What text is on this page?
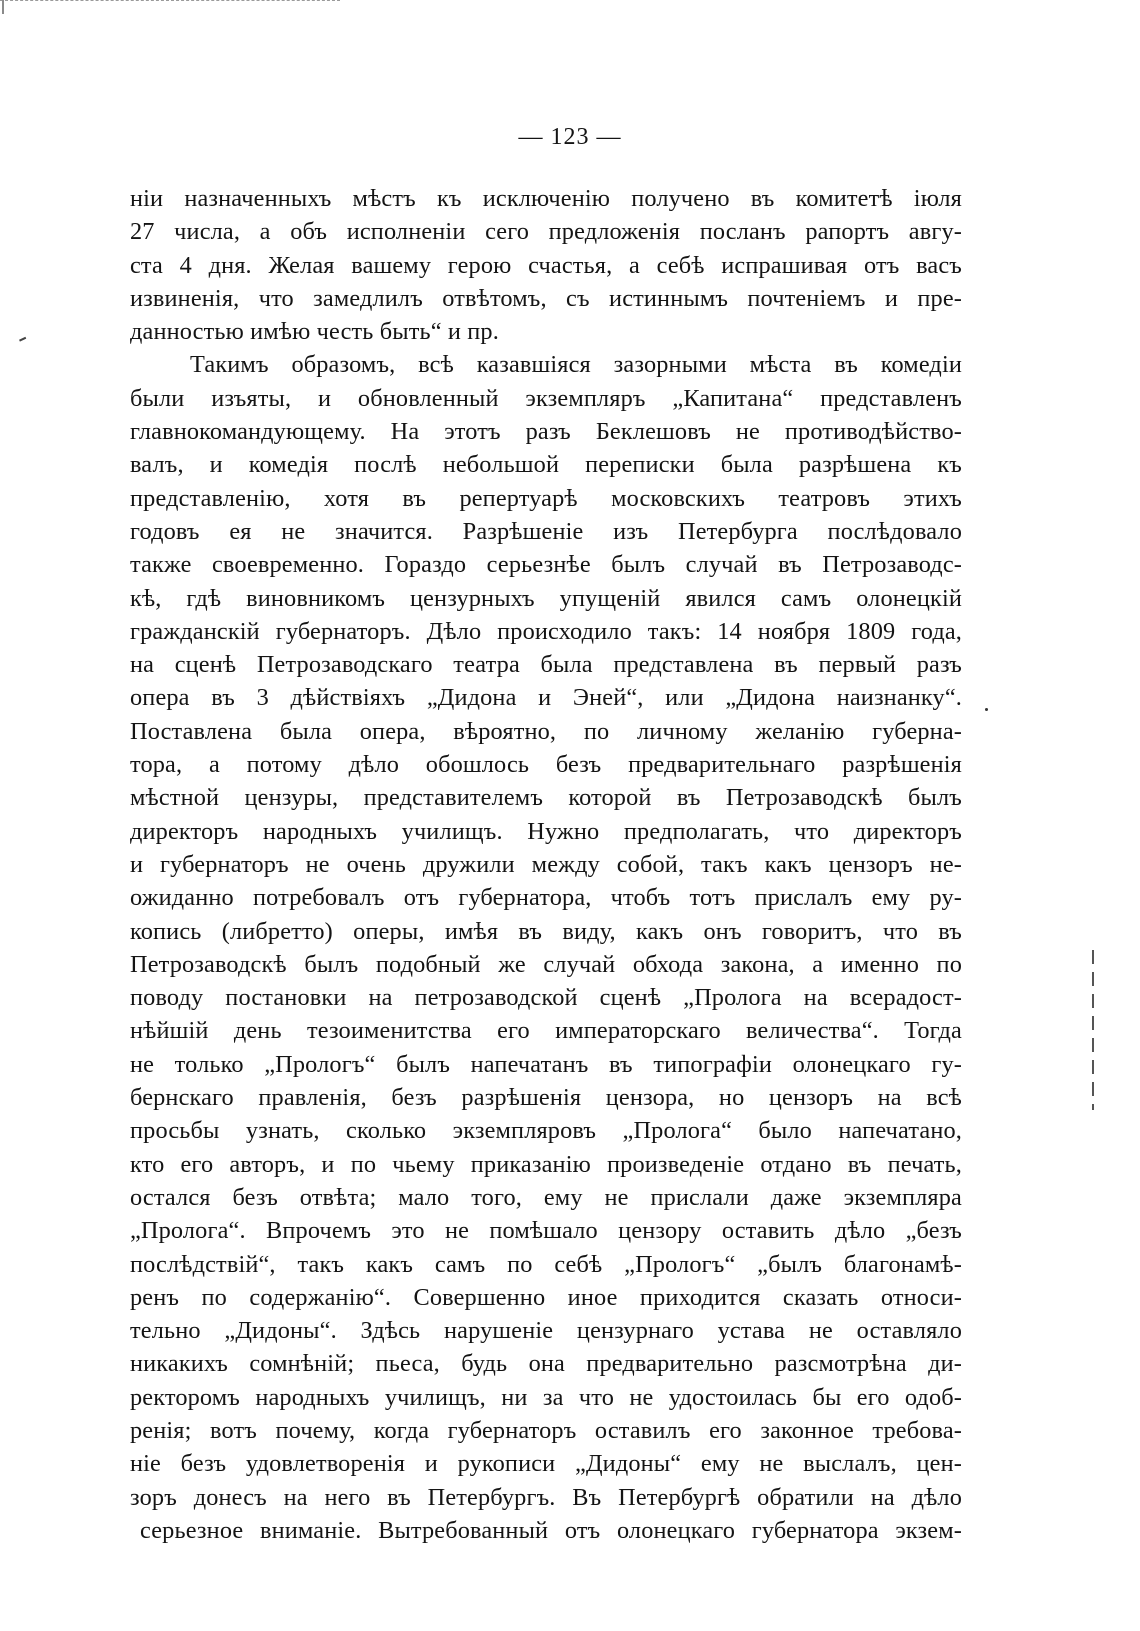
— 123 —
нiи назначенныхъ мѣстъ къ исключенiю получено въ комитетѣ iюля
27 числа, а объ исполненiи сего предложенiя посланъ рапортъ авгу-
ста 4 дня. Желая вашему герою счастья, а себѣ испрашивая отъ васъ
извиненiя, что замедлилъ отвѣтомъ, съ истиннымъ почтенiемъ и пре-
данностью имѣю честь быть“ и пр.
Такимъ образомъ, всѣ казавшiяся зазорными мѣста въ комедiи
были изъяты, и обновленный экземпляръ „Капитана“ представленъ
главнокомандующему. На этотъ разъ Беклешовъ не противодѣйство-
валъ, и комедiя послѣ небольшой переписки была разрѣшена къ
представленiю, хотя въ репертуарѣ московскихъ театровъ этихъ
годовъ ея не значится. Разрѣшенiе изъ Петербурга послѣдовало
также своевременно. Гораздо серьезнѣе былъ случай въ Петрозаводс-
кѣ, гдѣ виновникомъ цензурныхъ упущенiй явился самъ олонецкiй
гражданскiй губернаторъ. Дѣло происходило такъ: 14 ноября 1809 года,
на сценѣ Петрозаводскаго театра была представлена въ первый разъ
опера въ 3 дѣйствiяхъ „Дидона и Эней“, или „Дидона наизнанку“.
Поставлена была опера, вѣроятно, по личному желанiю губерна-
тора, а потому дѣло обошлось безъ предварительнаго разрѣшенiя
мѣстной цензуры, представителемъ которой въ Петрозаводскѣ былъ
директоръ народныхъ училищъ. Нужно предполагать, что директоръ
и губернаторъ не очень дружили между собой, такъ какъ цензоръ не-
ожиданно потребовалъ отъ губернатора, чтобъ тотъ прислалъ ему ру-
копись (либретто) оперы, имѣя въ виду, какъ онъ говоритъ, что въ
Петрозаводскѣ былъ подобный же случай обхода закона, а именно по
поводу постановки на петрозаводской сценѣ „Пролога на всерадост-
нѣйшiй день тезоименитства его императорскаго величества“. Тогда
не только „Прологъ“ былъ напечатанъ въ типографiи олонецкаго гу-
бернскаго правленiя, безъ разрѣшенiя цензора, но цензоръ на всѣ
просьбы узнать, сколько экземпляровъ „Пролога“ было напечатано,
кто его авторъ, и по чьему приказанiю произведенiе отдано въ печать,
остался безъ отвѣта; мало того, ему не прислали даже экземпляра
„Пролога“. Впрочемъ это не помѣшало цензору оставить дѣло „безъ
послѣдствiй“, такъ какъ самъ по себѣ „Прологъ“ „былъ благонамѣ-
ренъ по содержанiю“. Совершенно иное приходится сказать относи-
тельно „Дидоны“. Здѣсь нарушенiе цензурнаго устава не оставляло
никакихъ сомнѣнiй; пьеса, будь она предварительно разсмотрѣна ди-
ректоромъ народныхъ училищъ, ни за что не удостоилась бы его одоб-
ренiя; вотъ почему, когда губернаторъ оставилъ его законное требова-
нiе безъ удовлетворенiя и рукописи „Дидоны“ ему не выслалъ, цен-
зоръ донесъ на него въ Петербургъ. Въ Петербургѣ обратили на дѣло
серьезное вниманiе. Вытребованный отъ олонецкаго губернатора экзем-
